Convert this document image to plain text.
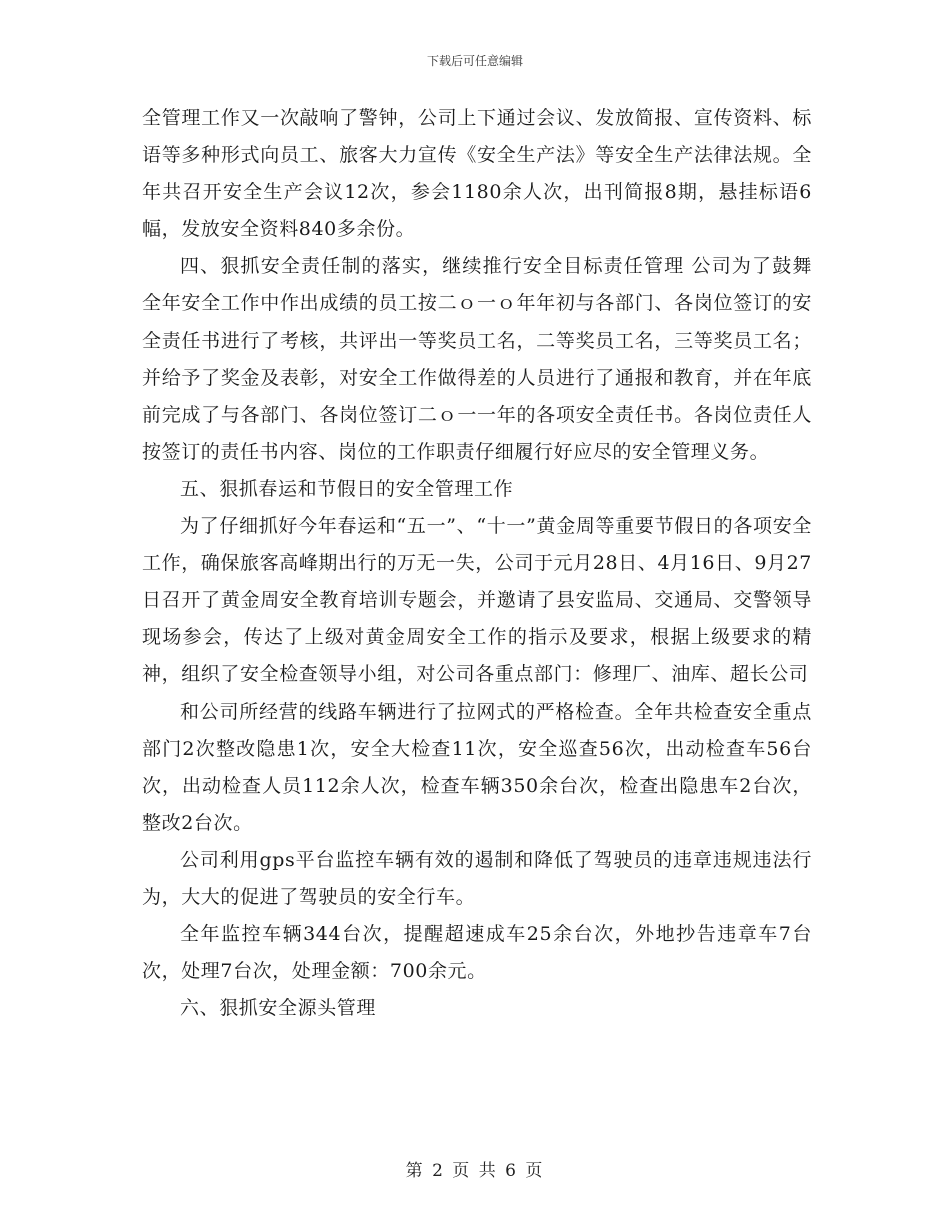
下载后可任意编辑

全管理工作又一次敲响了警钟，公司上下通过会议、发放简报、宣传资料、标语等多种形式向员工、旅客大力宣传《安全生产法》等安全生产法律法规。全年共召开安全生产会议12次，参会1180余人次，出刊简报8期，悬挂标语6幅，发放安全资料840多余份。

四、狠抓安全责任制的落实，继续推行安全目标责任管理 公司为了鼓舞全年安全工作中作出成绩的员工按二ｏ一ｏ年年初与各部门、各岗位签订的安全责任书进行了考核，共评出一等奖员工名，二等奖员工名，三等奖员工名；并给予了奖金及表彰，对安全工作做得差的人员进行了通报和教育，并在年底前完成了与各部门、各岗位签订二ｏ一一年的各项安全责任书。各岗位责任人按签订的责任书内容、岗位的工作职责仔细履行好应尽的安全管理义务。

五、狠抓春运和节假日的安全管理工作

为了仔细抓好今年春运和“五一”、“十一”黄金周等重要节假日的各项安全工作，确保旅客高峰期出行的万无一失，公司于元月28日、4月16日、9月27日召开了黄金周安全教育培训专题会，并邀请了县安监局、交通局、交警领导现场参会，传达了上级对黄金周安全工作的指示及要求，根据上级要求的精神，组织了安全检查领导小组，对公司各重点部门：修理厂、油库、超长公司

和公司所经营的线路车辆进行了拉网式的严格检查。全年共检查安全重点部门2次整改隐患1次，安全大检查11次，安全巡查56次，出动检查车56台次，出动检查人员112余人次，检查车辆350余台次，检查出隐患车2台次，整改2台次。

公司利用gps平台监控车辆有效的遏制和降低了驾驶员的违章违规违法行为，大大的促进了驾驶员的安全行车。

全年监控车辆344台次，提醒超速成车25余台次，外地抄告违章车7台次，处理7台次，处理金额：700余元。

六、狠抓安全源头管理

第 2 页 共 6 页
